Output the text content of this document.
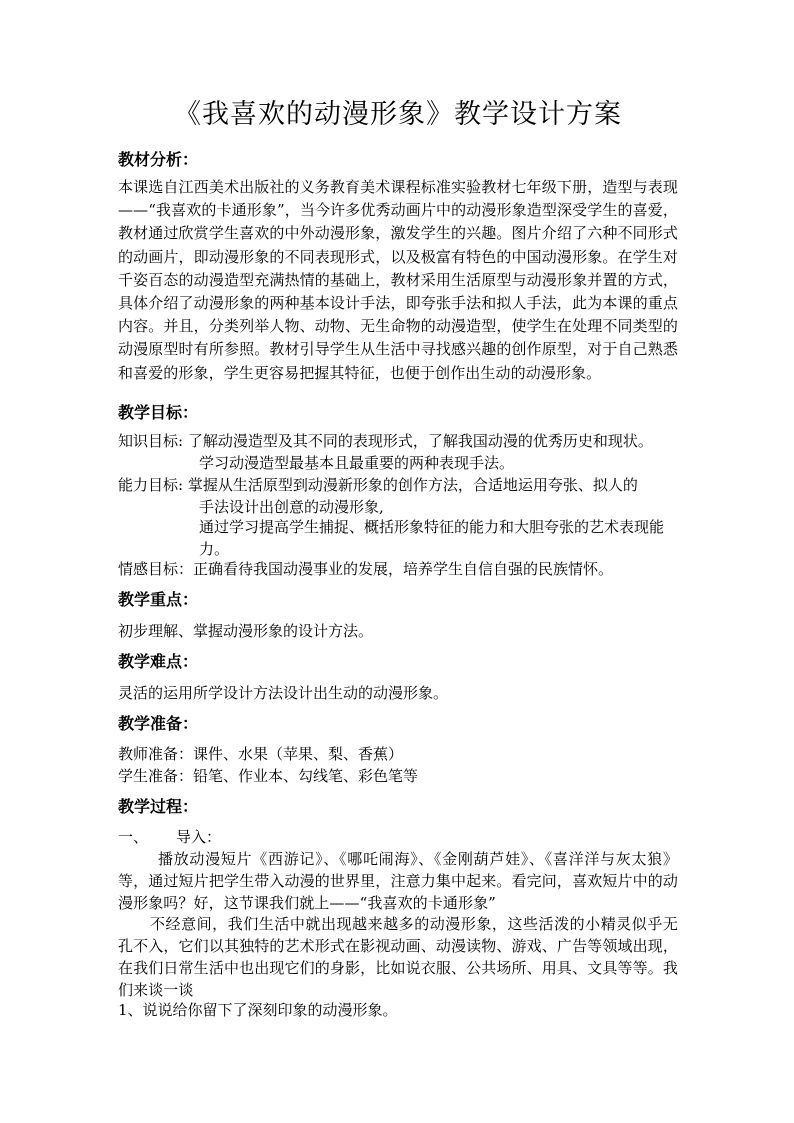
《我喜欢的动漫形象》教学设计方案
教材分析：
本课选自江西美术出版社的义务教育美术课程标准实验教材七年级下册，造型与表现——“我喜欢的卡通形象”，当今许多优秀动画片中的动漫形象造型深受学生的喜爱，教材通过欣赏学生喜欢的中外动漫形象，激发学生的兴趣。图片介绍了六种不同形式的动画片，即动漫形象的不同表现形式，以及极富有特色的中国动漫形象。在学生对千姿百态的动漫造型充满热情的基础上，教材采用生活原型与动漫形象并置的方式，具体介绍了动漫形象的两种基本设计手法，即夸张手法和拟人手法，此为本课的重点内容。并且，分类列举人物、动物、无生命物的动漫造型，使学生在处理不同类型的动漫原型时有所参照。教材引导学生从生活中寻找感兴趣的创作原型，对于自己熟悉和喜爱的形象，学生更容易把握其特征，也便于创作出生动的动漫形象。
教学目标：
知识目标: 了解动漫造型及其不同的表现形式，了解我国动漫的优秀历史和现状。
学习动漫造型最基本且最重要的两种表现手法。
能力目标: 掌握从生活原型到动漫新形象的创作方法，合适地运用夸张、拟人的
手法设计出创意的动漫形象,
通过学习提高学生捕捉、概括形象特征的能力和大胆夸张的艺术表现能力。
情感目标：正确看待我国动漫事业的发展，培养学生自信自强的民族情怀。
教学重点：
初步理解、掌握动漫形象的设计方法。
教学难点：
灵活的运用所学设计方法设计出生动的动漫形象。
教学准备：
教师准备：课件、水果（苹果、梨、香蕉）
学生准备：铅笔、作业本、勾线笔、彩色笔等
教学过程：
一、 导入：
播放动漫短片《西游记》、《哪吒闹海》、《金刚葫芦娃》、《喜洋洋与灰太狼》等，通过短片把学生带入动漫的世界里，注意力集中起来。看完问，喜欢短片中的动漫形象吗？好，这节课我们就上——“我喜欢的卡通形象”
不经意间，我们生活中就出现越来越多的动漫形象，这些活泼的小精灵似乎无孔不入，它们以其独特的艺术形式在影视动画、动漫读物、游戏、广告等领域出现，在我们日常生活中也出现它们的身影，比如说衣服、公共场所、用具、文具等等。我们来谈一谈
1、说说给你留下了深刻印象的动漫形象。
